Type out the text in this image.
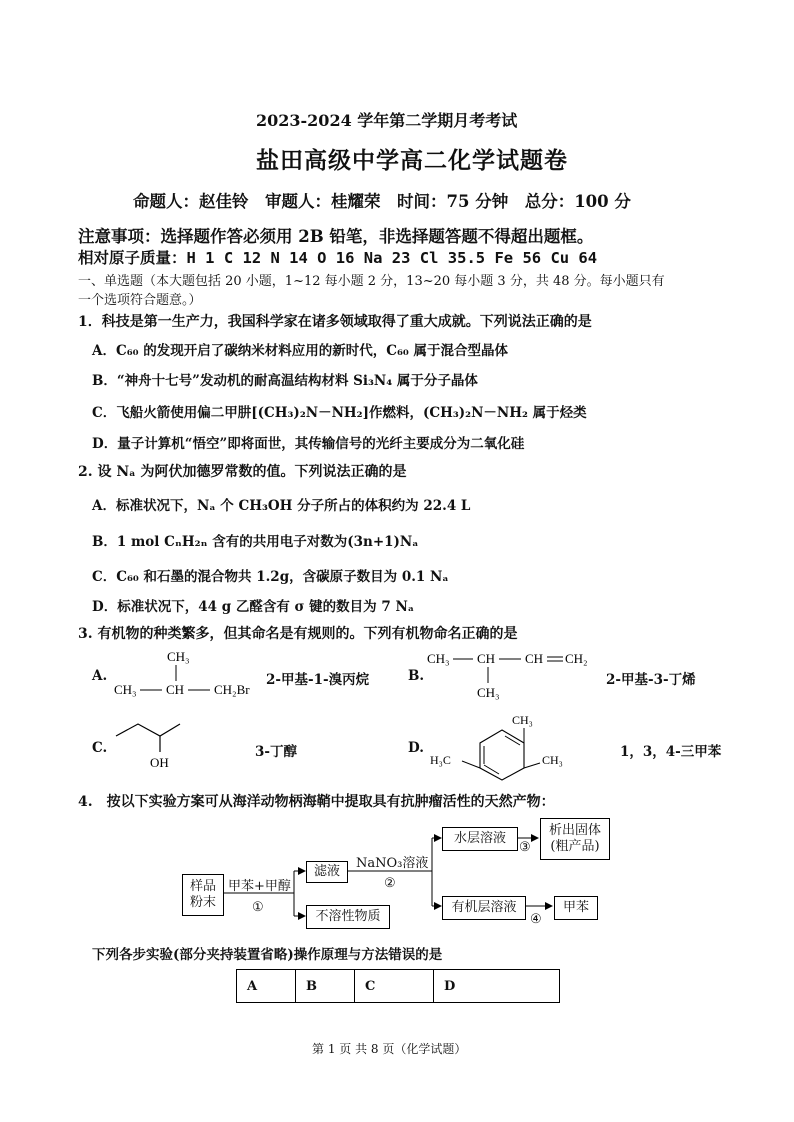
2023-2024 学年第二学期月考考试
盐田高级中学高二化学试题卷
命题人：赵佳铃　审题人：桂耀荣　时间：75 分钟　总分：100 分
注意事项：选择题作答必须用 2B 铅笔，非选择题答题不得超出题框。
相对原子质量：H 1 C 12 N 14 O 16 Na 23 Cl 35.5 Fe 56 Cu 64
一、单选题（本大题包括 20 小题，1~12 每小题 2 分，13~20 每小题 3 分，共 48 分。每小题只有
一个选项符合题意。）
1．科技是第一生产力，我国科学家在诸多领域取得了重大成就。下列说法正确的是
A．C₆₀ 的发现开启了碳纳米材料应用的新时代，C₆₀ 属于混合型晶体
B．“神舟十七号”发动机的耐高温结构材料 Si₃N₄ 属于分子晶体
C．飞船火箭使用偏二甲肼[(CH₃)₂N－NH₂]作燃料，(CH₃)₂N－NH₂ 属于烃类
D．量子计算机“悟空”即将面世，其传输信号的光纤主要成分为二氧化硅
2. 设 Nₐ 为阿伏加德罗常数的值。下列说法正确的是
A．标准状况下，Nₐ 个 CH₃OH 分子所占的体积约为 22.4 L
B．1 mol CₙH₂ₙ 含有的共用电子对数为(3n+1)Nₐ
C．C₆₀ 和石墨的混合物共 1.2g，含碳原子数目为 0.1 Nₐ
D．标准状况下，44 g 乙醛含有 σ 键的数目为 7 Nₐ
3. 有机物的种类繁多，但其命名是有规则的。下列有机物命名正确的是
A.
CH₃
CH₃ CH CH₂Br
2-甲基-1-溴丙烷	B.
CH₃ CH CH CH₂
CH₃
2-甲基-3-丁烯
C.
OH
3-丁醇	D.
CH₃
H₃C	CH₃	1，3，4-三甲苯
4.　按以下实验方案可从海洋动物柄海鞘中提取具有抗肿瘤活性的天然产物：
样品
粉末
甲苯+甲醇
①
滤液
不溶性物质
NaNO₃溶液
②
水层溶液
③
析出固体
(粗产品)
有机层溶液
④
甲苯
下列各步实验(部分夹持装置省略)操作原理与方法错误的是
A	B	C	D
第 1 页 共 8 页（化学试题）
